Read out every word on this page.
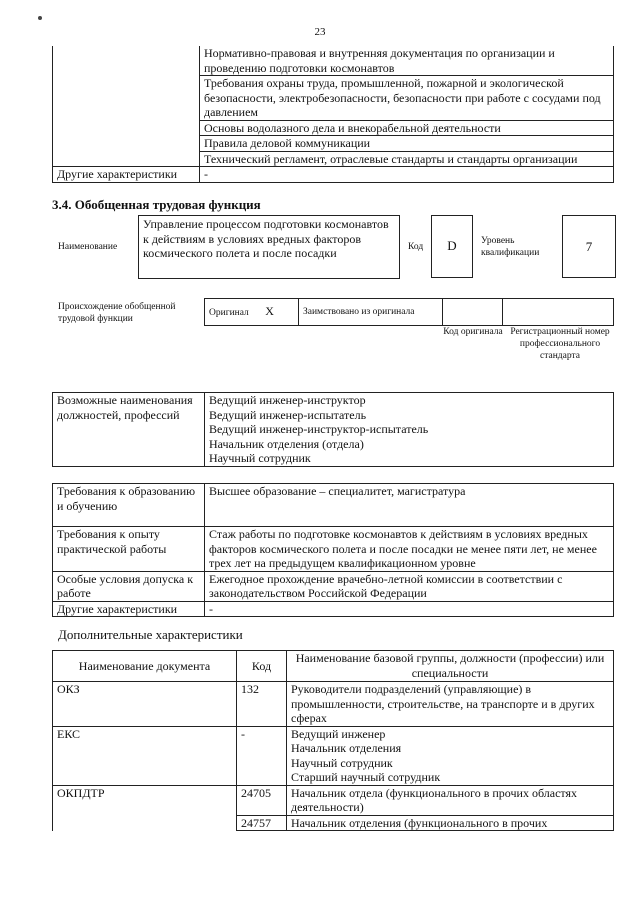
23
	Нормативно-правовая и внутренняя документация по организации и проведению подготовки космонавтов
	Требования охраны труда, промышленной, пожарной и экологической безопасности, электробезопасности, безопасности при работе с сосудами под давлением
	Основы водолазного дела и внекорабельной деятельности
	Правила деловой коммуникации
	Технический регламент, отраслевые стандарты и стандарты организации
Другие характеристики	-
3.4. Обобщенная трудовая функция
Наименование
Управление процессом подготовки космонавтов к действиям в условиях вредных факторов космического полета и после посадки	Код	D	Уровень квалификации	7
Происхождение обобщенной трудовой функции
Оригинал X	Заимствовано из оригинала		
Код оригинала Регистрационный номер профессионального стандарта
Возможные наименования должностей, профессий	
Ведущий инженер-инструктор
Ведущий инженер-испытатель
Ведущий инженер-инструктор-испытатель
Начальник отделения (отдела)
Научный сотрудник
Требования к образованию и обучению	Высшее образование – специалитет, магистратура
Требования к опыту практической работы	Стаж работы по подготовке космонавтов к действиям в условиях вредных факторов космического полета и после посадки не менее пяти лет, не менее трех лет на предыдущем квалификационном уровне
Особые условия допуска к работе	Ежегодное прохождение врачебно-летной комиссии в соответствии с законодательством Российской Федерации
Другие характеристики	-
Дополнительные характеристики
Наименование документа	Код	Наименование базовой группы, должности (профессии) или специальности
ОКЗ	132	Руководители подразделений (управляющие) в промышленности, строительстве, на транспорте и в других сферах
ЕКС	-	Ведущий инженер
Начальник отделения
Научный сотрудник
Старший научный сотрудник

ОКПДТР	24705	Начальник отдела (функционального в прочих областях деятельности)
	24757	Начальник отделения (функционального в прочих
